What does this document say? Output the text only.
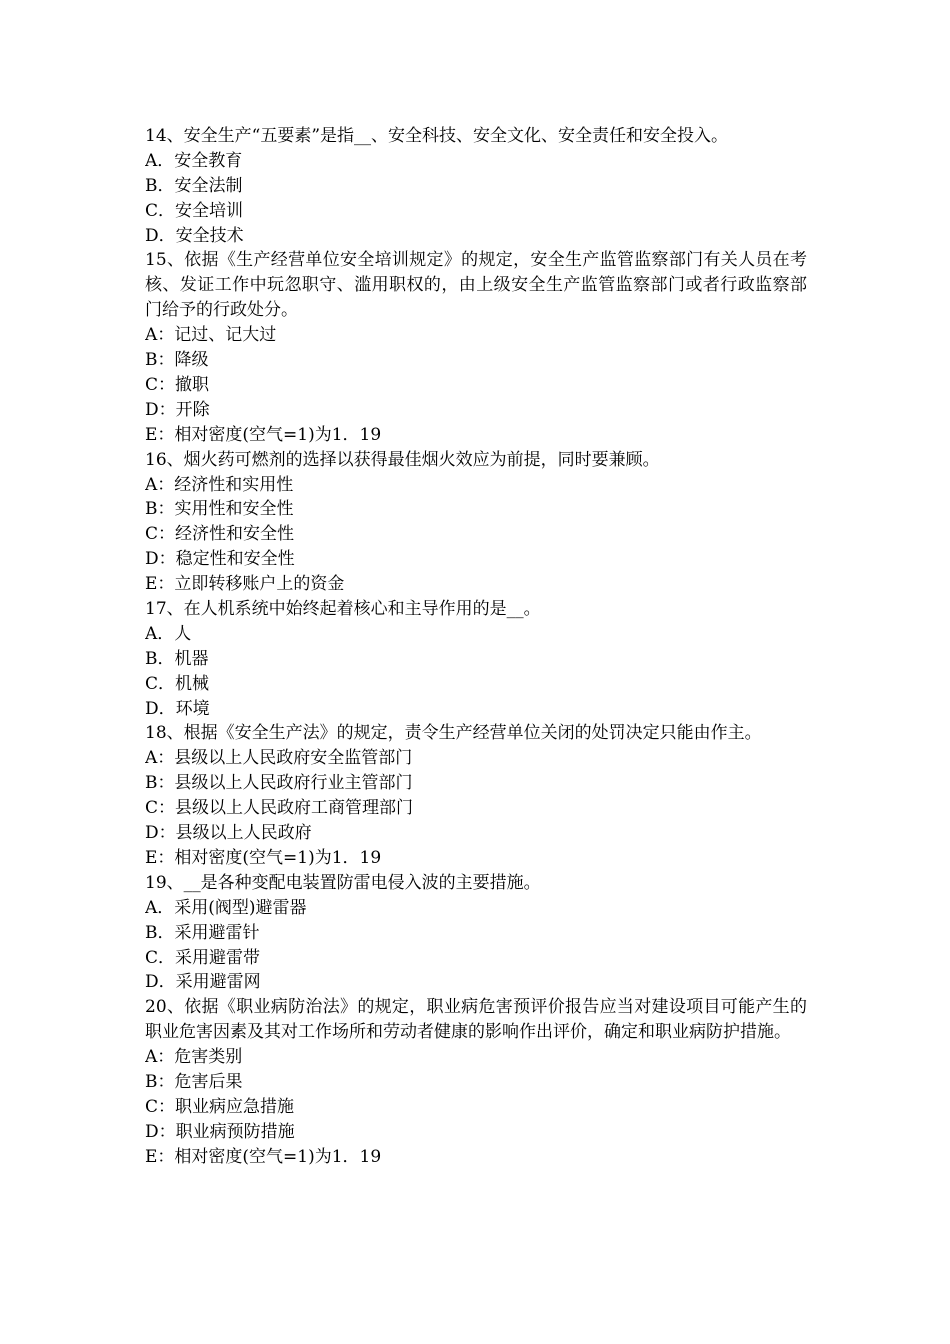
14、安全生产“五要素”是指__、安全科技、安全文化、安全责任和安全投入。
A．安全教育
B．安全法制
C．安全培训
D．安全技术
15、依据《生产经营单位安全培训规定》的规定，安全生产监管监察部门有关人员在考核、发证工作中玩忽职守、滥用职权的，由上级安全生产监管监察部门或者行政监察部门给予的行政处分。
A：记过、记大过
B：降级
C：撤职
D：开除
E：相对密度(空气=1)为1．19
16、烟火药可燃剂的选择以获得最佳烟火效应为前提，同时要兼顾。
A：经济性和实用性
B：实用性和安全性
C：经济性和安全性
D：稳定性和安全性
E：立即转移账户上的资金
17、在人机系统中始终起着核心和主导作用的是__。
A．人
B．机器
C．机械
D．环境
18、根据《安全生产法》的规定，责令生产经营单位关闭的处罚决定只能由作主。
A：县级以上人民政府安全监管部门
B：县级以上人民政府行业主管部门
C：县级以上人民政府工商管理部门
D：县级以上人民政府
E：相对密度(空气=1)为1．19
19、__是各种变配电装置防雷电侵入波的主要措施。
A．采用(阀型)避雷器
B．采用避雷针
C．采用避雷带
D．采用避雷网
20、依据《职业病防治法》的规定，职业病危害预评价报告应当对建设项目可能产生的职业危害因素及其对工作场所和劳动者健康的影响作出评价，确定和职业病防护措施。
A：危害类别
B：危害后果
C：职业病应急措施
D：职业病预防措施
E：相对密度(空气=1)为1．19
